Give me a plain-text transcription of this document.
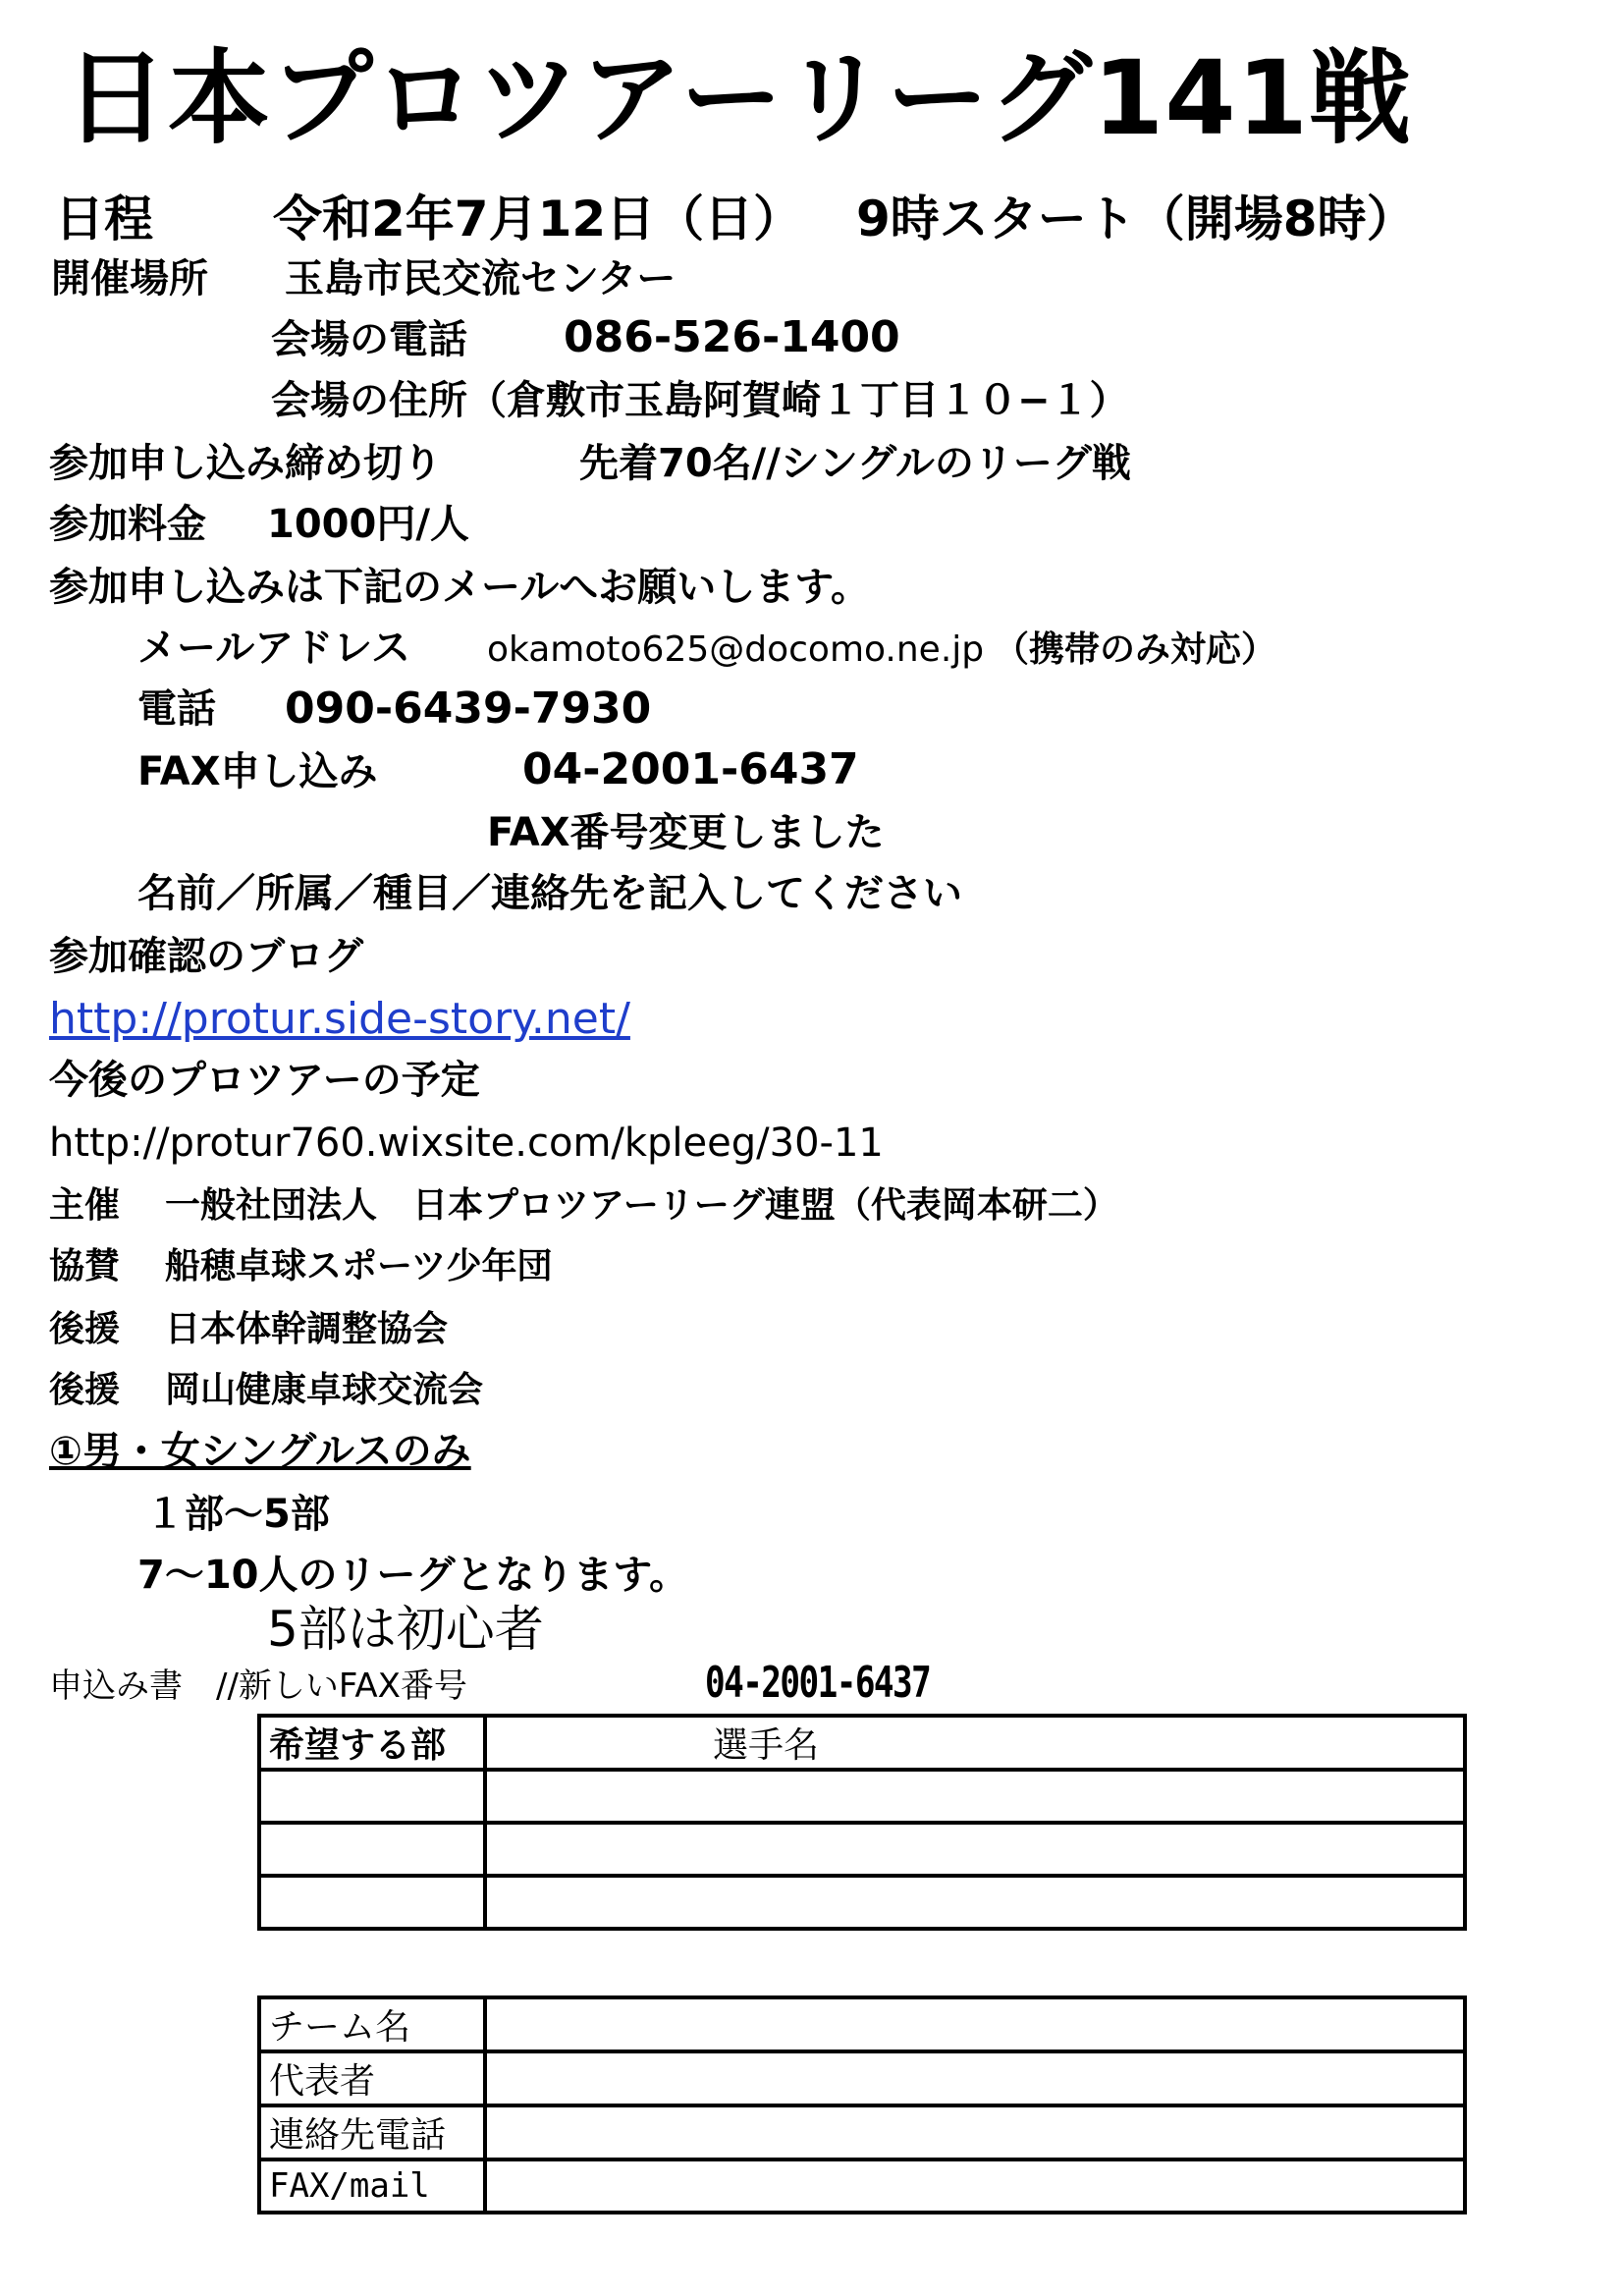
日本プロツアーリーグ141戦
日程 令和2年7月12日（日） 9時スタート（開場8時）
開催場所 玉島市民交流センター
会場の電話 086-526-1400
会場の住所（倉敷市玉島阿賀崎１丁目１０−１）
参加申し込み締め切り	先着70名//シングルのリーグ戦
参加料金 1000円/人
参加申し込みは下記のメールへお願いします。
メールアドレス okamoto625@docomo.ne.jp （携帯のみ対応）
電話 090-6439-7930
FAX申し込み	04-2001-6437
FAX番号変更しました
名前／所属／種目／連絡先を記入してください
参加確認のブログ
http://protur.side-story.net/
今後のプロツアーの予定
http://protur760.wixsite.com/kpleeg/30-11
主催 一般社団法人　日本プロツアーリーグ連盟（代表岡本研二）
協賛 船穂卓球スポーツ少年団
後援 日本体幹調整協会
後援 岡山健康卓球交流会
①男・女シングルスのみ
１部〜5部
7〜10人のリーグとなります。
5部は初心者
申込み書　//新しいFAX番号	04-2001-6437
希望する部	選手名

チーム名	
代表者	
連絡先電話	
FAX/mail	
